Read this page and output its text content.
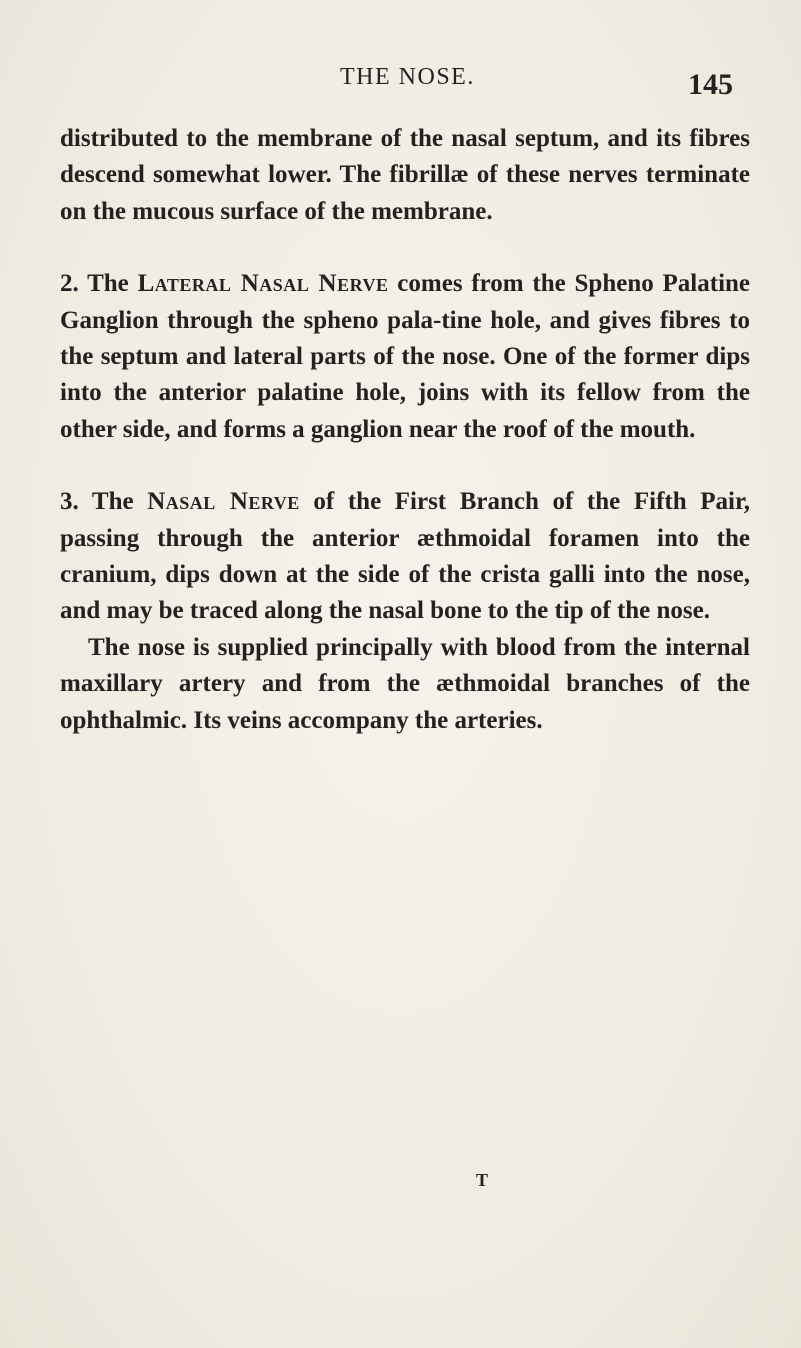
THE NOSE.	145

distributed to the membrane of the nasal septum, and its fibres descend somewhat lower. The fibrillæ of these nerves terminate on the mucous surface of the membrane.

2. The Lateral Nasal Nerve comes from the Spheno Palatine Ganglion through the spheno pala-tine hole, and gives fibres to the septum and lateral parts of the nose. One of the former dips into the anterior palatine hole, joins with its fellow from the other side, and forms a ganglion near the roof of the mouth.

3. The Nasal Nerve of the First Branch of the Fifth Pair, passing through the anterior æthmoidal foramen into the cranium, dips down at the side of the crista galli into the nose, and may be traced along the nasal bone to the tip of the nose.

The nose is supplied principally with blood from the internal maxillary artery and from the æthmoidal branches of the ophthalmic. Its veins accompany the arteries.

T
